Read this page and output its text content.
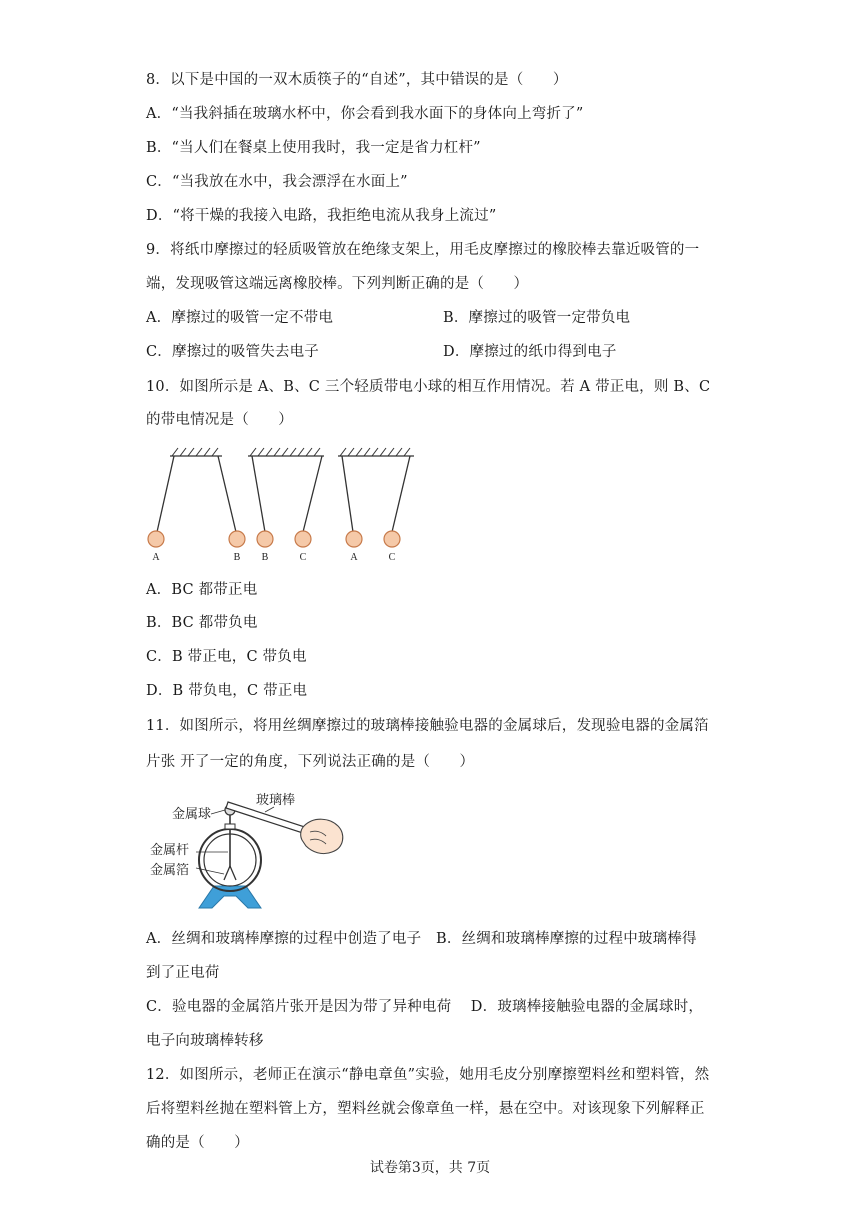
8．以下是中国的一双木质筷子的“自述”，其中错误的是（　　）
A．“当我斜插在玻璃水杯中，你会看到我水面下的身体向上弯折了”
B．“当人们在餐桌上使用我时，我一定是省力杠杆”
C．“当我放在水中，我会漂浮在水面上”
D．“将干燥的我接入电路，我拒绝电流从我身上流过”
9．将纸巾摩擦过的轻质吸管放在绝缘支架上，用毛皮摩擦过的橡胶棒去靠近吸管的一
端，发现吸管这端远离橡胶棒。下列判断正确的是（　　）
A．摩擦过的吸管一定不带电	B．摩擦过的吸管一定带负电
C．摩擦过的吸管失去电子	D．摩擦过的纸巾得到电子
10．如图所示是 A、B、C 三个轻质带电小球的相互作用情况。若 A 带正电，则 B、C
的带电情况是（　　）
A	B B	C	A	C
A．BC 都带正电
B．BC 都带负电
C．B 带正电，C 带负电
D．B 带负电，C 带正电
11．如图所示，将用丝绸摩擦过的玻璃棒接触验电器的金属球后，发现验电器的金属箔
片张 开了一定的角度，下列说法正确的是（　　）
金属球
玻璃棒
金属杆
金属箔
A．丝绸和玻璃棒摩擦的过程中创造了电子　B．丝绸和玻璃棒摩擦的过程中玻璃棒得
到了正电荷
C．验电器的金属箔片张开是因为带了异种电荷　 D．玻璃棒接触验电器的金属球时，
电子向玻璃棒转移
12．如图所示，老师正在演示“静电章鱼”实验，她用毛皮分别摩擦塑料丝和塑料管，然
后将塑料丝抛在塑料管上方，塑料丝就会像章鱼一样，悬在空中。对该现象下列解释正
确的是（　　）
试卷第3页，共 7页
